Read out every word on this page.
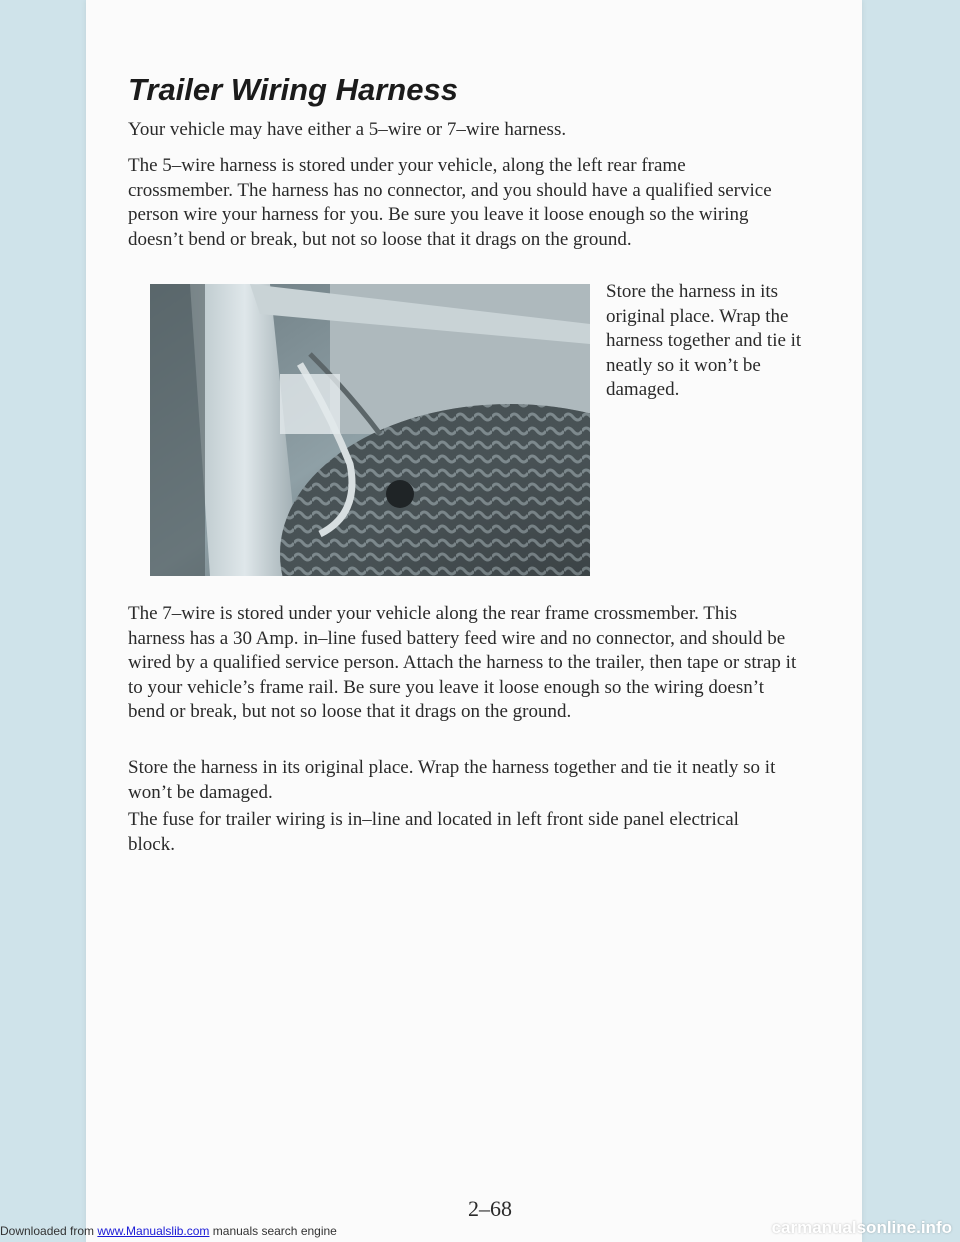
Trailer Wiring Harness

Your vehicle may have either a 5–wire or 7–wire harness.

The 5–wire harness is stored under your vehicle, along the left rear frame crossmember. The harness has no connector, and you should have a qualified service person wire your harness for you. Be sure you leave it loose enough so the wiring doesn’t bend or break, but not so loose that it drags on the ground.

Store the harness in its original place. Wrap the harness together and tie it neatly so it won’t be damaged.

The 7–wire is stored under your vehicle along the rear frame crossmember. This harness has a 30 Amp. in–line fused battery feed wire and no connector, and should be wired by a qualified service person. Attach the harness to the trailer, then tape or strap it to your vehicle’s frame rail. Be sure you leave it loose enough so the wiring doesn’t bend or break, but not so loose that it drags on the ground.

Store the harness in its original place. Wrap the harness together and tie it neatly so it won’t be damaged.

The fuse for trailer wiring is in–line and located in left front side panel electrical block.

2–68
Downloaded from www.Manualslib.com manuals search engine	carmanualsonline.info
